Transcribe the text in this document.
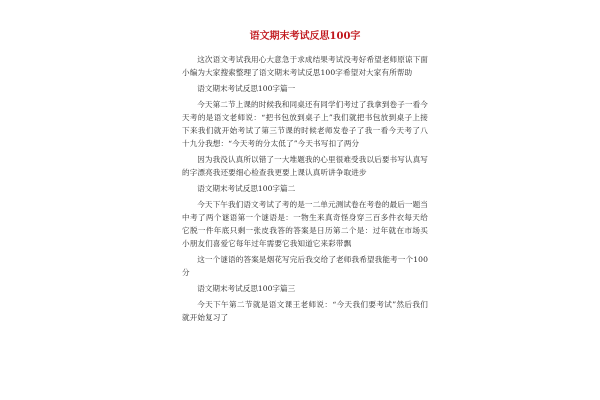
语文期末考试反思100字

这次语文考试我用心大意急于求成结果考试没考好希望老师原谅下面小编为大家搜索整理了语文期末考试反思100字希望对大家有所帮助

语文期末考试反思100字篇一

今天第二节上课的时候我和同桌还有同学们考过了我拿到卷子一看今天考的是语文老师说：“把书包放到桌子上”我们就把书包放到桌子上接下来我们就开始考试了第三节课的时候老师发卷子了我一看今天考了八十九分我想：“今天考的分太低了”今天书写扣了两分

因为我没认真所以错了一大堆题我的心里很难受我以后要书写认真写的字漂亮我还要细心检查我更要上课认真听讲争取进步

语文期末考试反思100字篇二

今天下午我们语文考试了考的是一二单元测试卷在考卷的最后一题当中考了两个谜语第一个谜语是：一物生来真奇怪身穿三百多件衣每天给它脱一件年底只剩一张皮我答的答案是日历第二个是：过年就在市场买小朋友们喜爱它每年过年需要它我知道它来彩带飘

这一个谜语的答案是烟花写完后我交给了老师我希望我能考一个100分

语文期末考试反思100字篇三

今天下午第二节就是语文课王老师说：“今天我们要考试”然后我们就开始复习了
